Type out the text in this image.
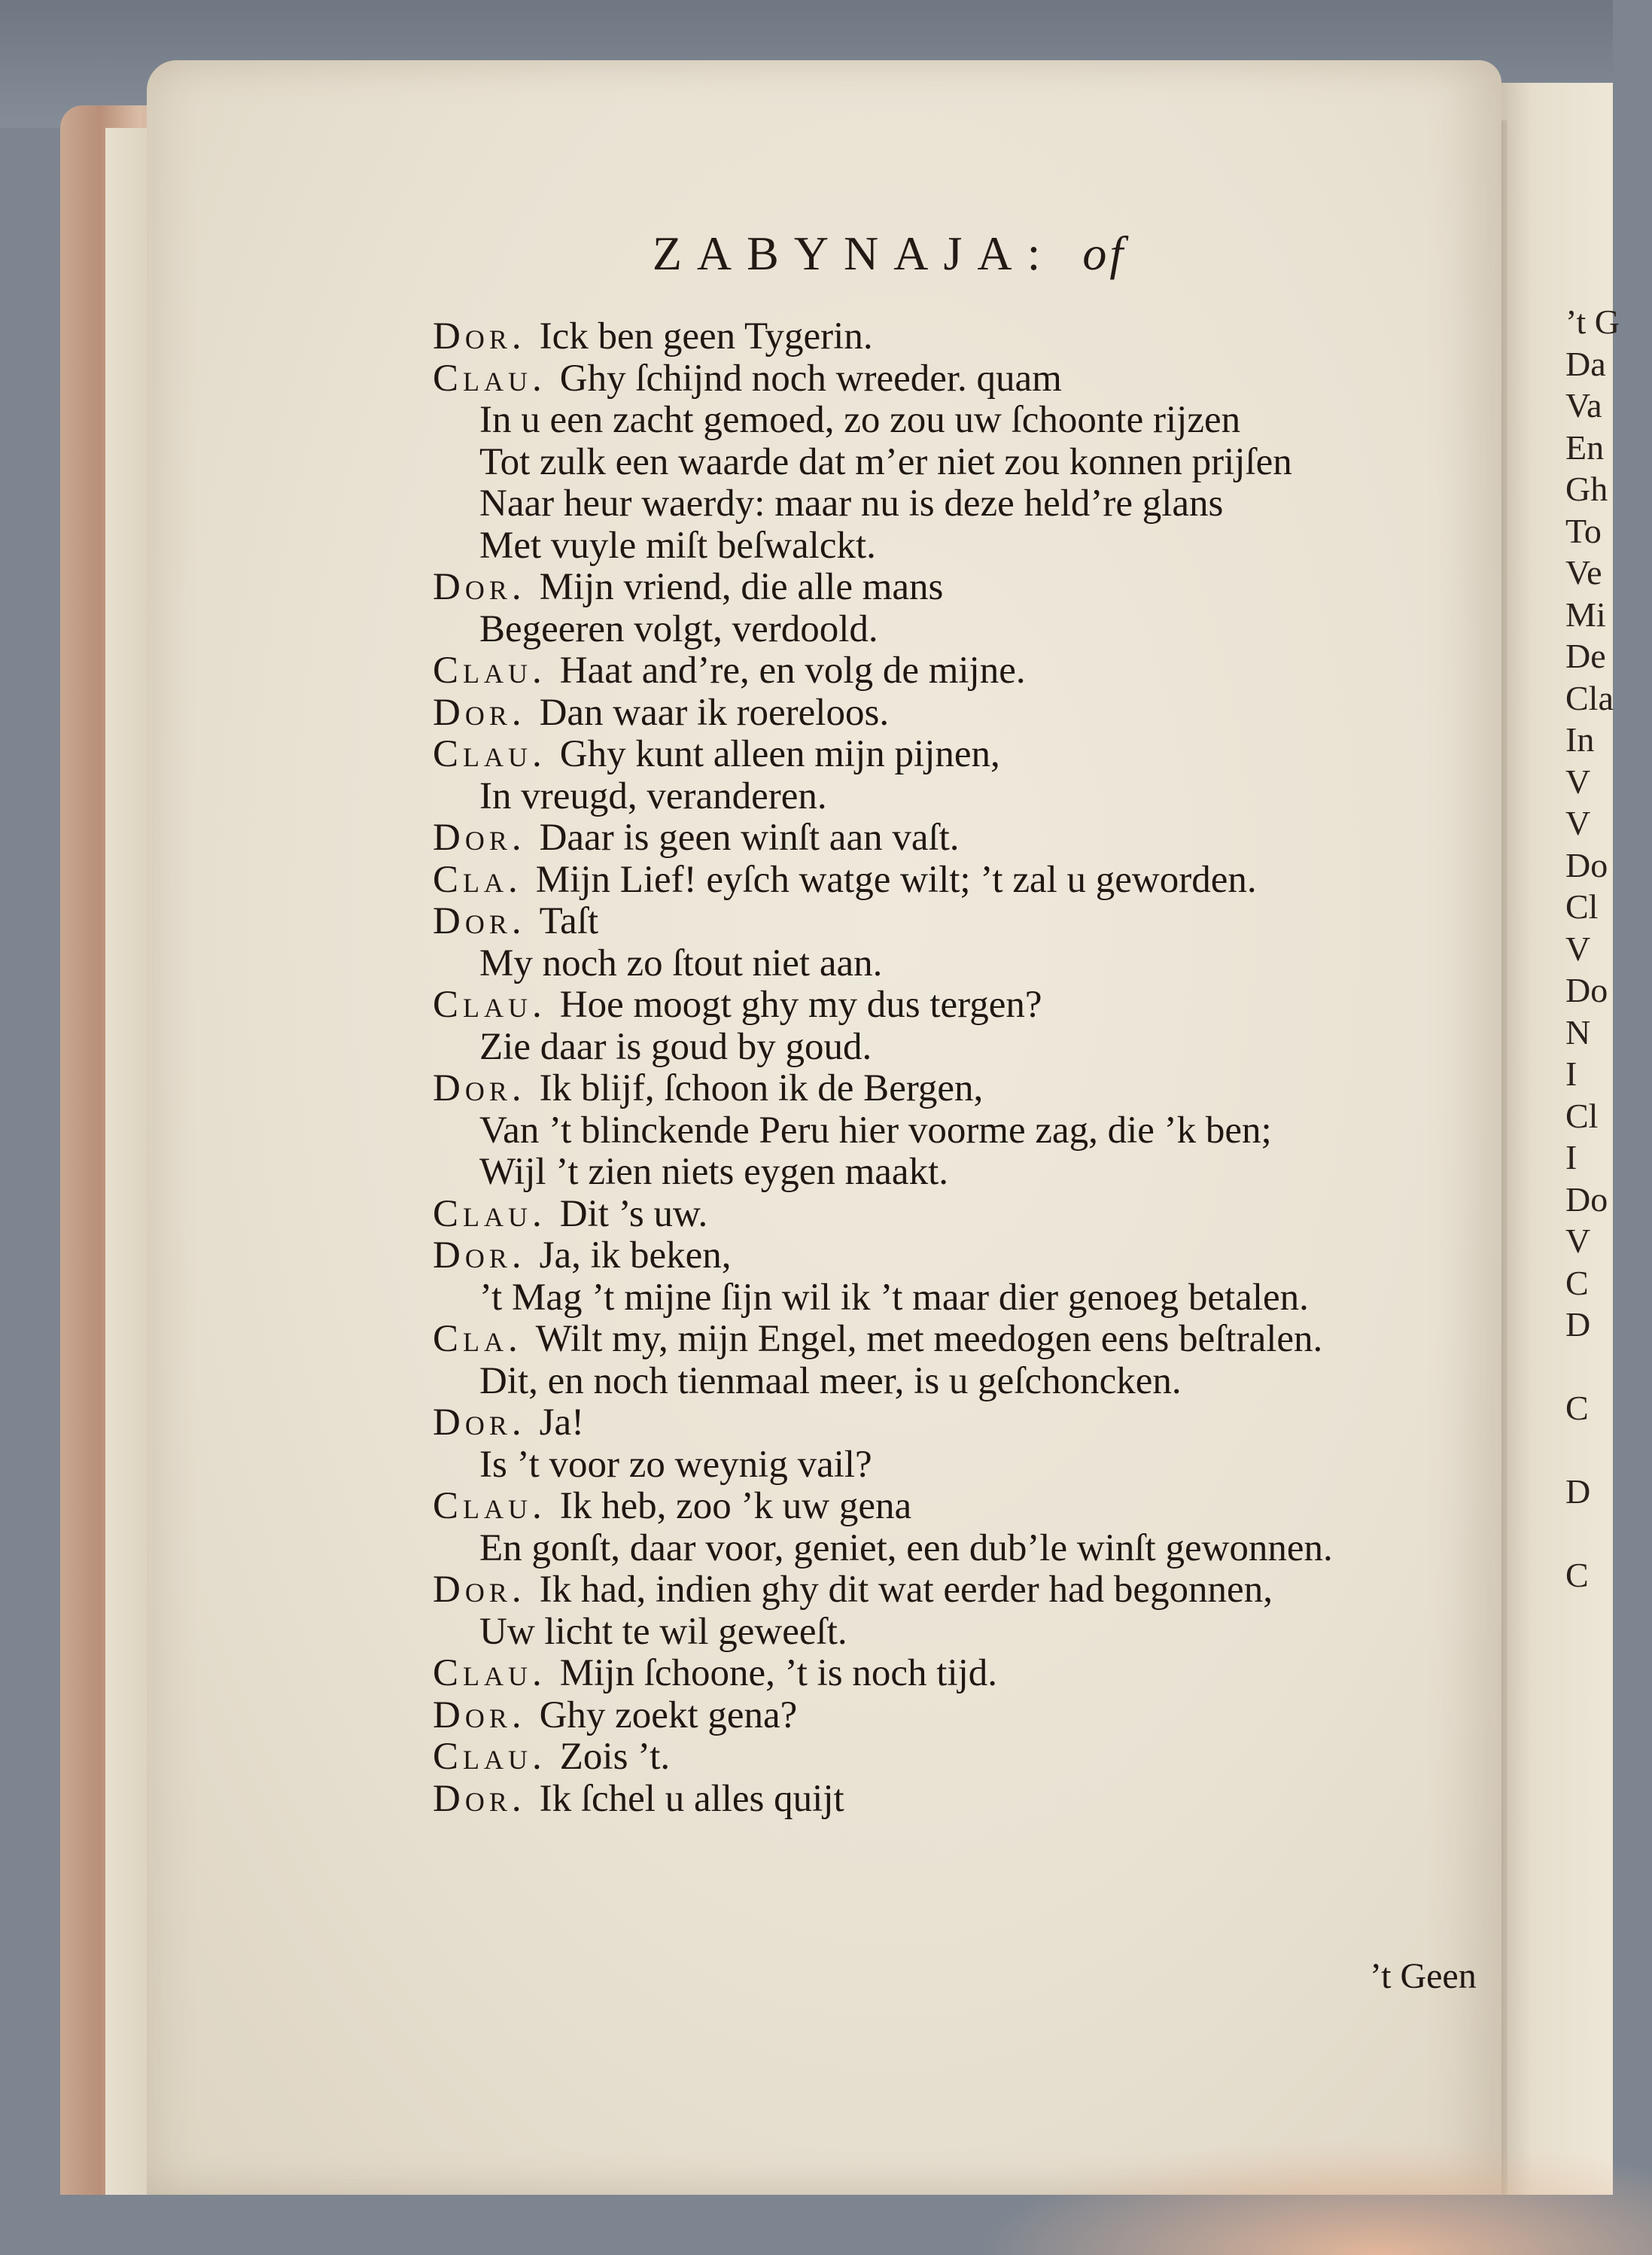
ZABYNAJA: of
Dor. Ick ben geen Tygerin.
Clau. Ghy ſchijnd noch wreeder. quam
In u een zacht gemoed, zo zou uw ſchoonte rijzen
Tot zulk een waarde dat m’er niet zou konnen prijſen
Naar heur waerdy: maar nu is deze held’re glans
Met vuyle miſt beſwalckt.
Dor. Mijn vriend, die alle mans
Begeeren volgt, verdoold.
Clau. Haat and’re, en volg de mijne.
Dor. Dan waar ik roereloos.
Clau. Ghy kunt alleen mijn pijnen,
In vreugd, veranderen.
Dor. Daar is geen winſt aan vaſt.
Cla. Mijn Lief! eyſch watge wilt; ’t zal u geworden.
Dor. Taſt
My noch zo ſtout niet aan.
Clau. Hoe moogt ghy my dus tergen?
Zie daar is goud by goud.
Dor. Ik blijf, ſchoon ik de Bergen,
Van ’t blinckende Peru hier voorme zag, die ’k ben;
Wijl ’t zien niets eygen maakt.
Clau. Dit ’s uw.
Dor. Ja, ik beken,
’t Mag ’t mijne ſijn wil ik ’t maar dier genoeg betalen.
Cla. Wilt my, mijn Engel, met meedogen eens beſtralen.
Dit, en noch tienmaal meer, is u geſchoncken.
Dor. Ja!
Is ’t voor zo weynig vail?
Clau. Ik heb, zoo ’k uw gena
En gonſt, daar voor, geniet, een dub’le winſt gewonnen.
Dor. Ik had, indien ghy dit wat eerder had begonnen,
Uw licht te wil geweeſt.
Clau. Mijn ſchoone, ’t is noch tijd.
Dor. Ghy zoekt gena?
Clau. Zois ’t.
Dor. Ik ſchel u alles quijt
’t Geen
’t G
Da
Va
En
Gh
To
Ve
Mi
De
Cla
In
V
V
Do
Cl
V
Do
N
I
Cl
I
Do
V
C
D
C
D
C
